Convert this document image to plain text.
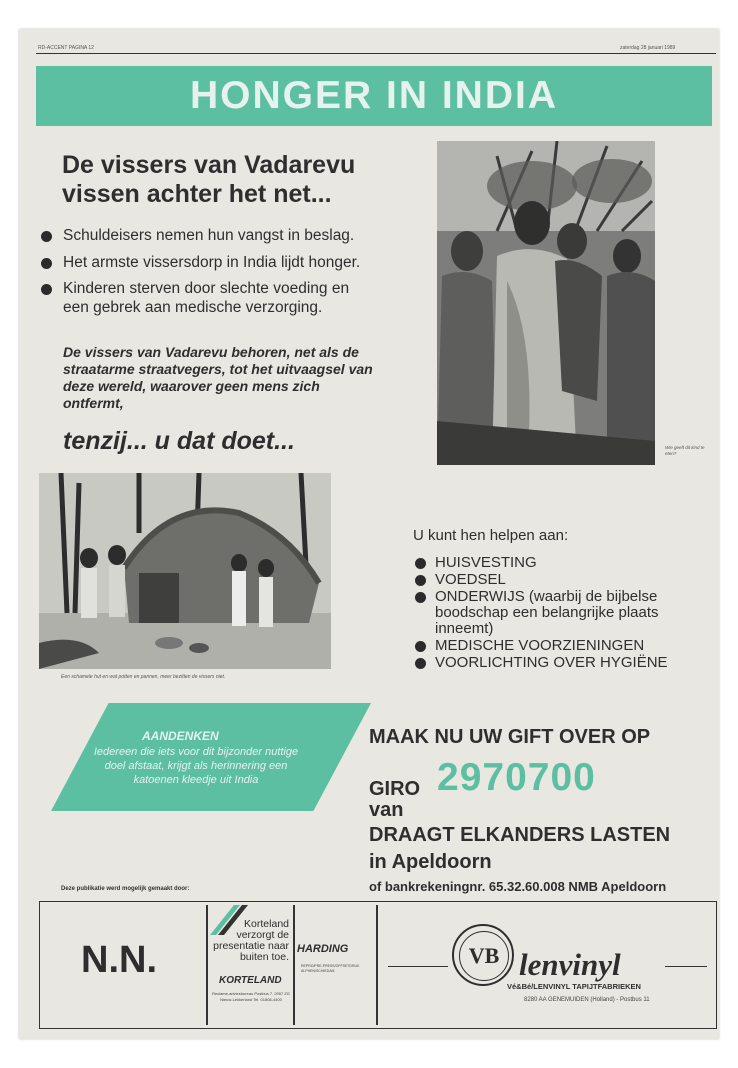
RD-ACCENT PAGINA 12	zaterdag 28 januari 1989
HONGER IN INDIA
De vissers van Vadarevu
vissen achter het net...
Schuldeisers nemen hun vangst in beslag.
Het armste vissersdorp in India lijdt honger.
Kinderen sterven door slechte voeding en een gebrek aan medische verzorging.
De vissers van Vadarevu behoren, net als de straatarme straatvegers, tot het uitvaagsel van deze wereld, waarover geen mens zich ontfermt,
tenzij... u dat doet...	Wie geeft dit kind te eten?
Een schamele hut en wat potten en pannen, meer bezitten de vissers niet.
U kunt hen helpen aan:
HUISVESTING
VOEDSEL
ONDERWIJS (waarbij de bijbelse boodschap een belangrijke plaats inneemt)
MEDISCHE VOORZIENINGEN
VOORLICHTING OVER HYGIËNE
AANDENKEN
Iedereen die iets voor dit bijzonder nuttige doel afstaat, krijgt als herinnering een katoenen kleedje uit India
MAAK NU UW GIFT OVER OP
GIRO 2970700
van
DRAAGT ELKANDERS LASTEN
in Apeldoorn
of bankrekeningnr. 65.32.60.008 NMB Apeldoorn
Deze publikatie werd mogelijk gemaakt door:
N.N.
Korteland verzorgt de presentatie naar buiten toe.
KORTELAND
Reclame-adviesbureau Postbus 7, 2957 ZG Nieuw-Lekkerland Tel. 01808-4400
HARDING
REPRO/PRE-PRESS/OFFSETDRUK ALPHEN/SCHIEDAM
VB lenvinyl
Vé&Bé/LENVINYL TAPIJTFABRIEKEN
8280 AA GENEMUIDEN (Holland) - Postbus 11
